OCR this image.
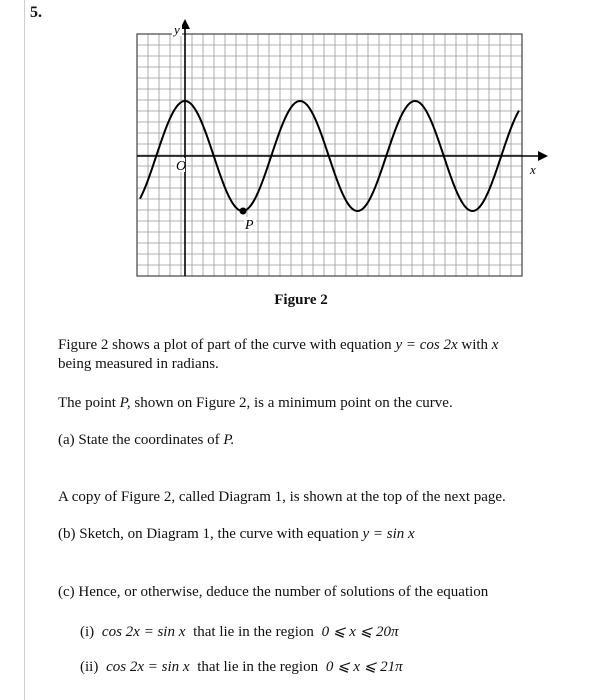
5.
y
x
O
P
Figure 2
Figure 2 shows a plot of part of the curve with equation y = cos 2x with x
being measured in radians.
The point P, shown on Figure 2, is a minimum point on the curve.
(a) State the coordinates of P.
A copy of Figure 2, called Diagram 1, is shown at the top of the next page.
(b) Sketch, on Diagram 1, the curve with equation y = sin x
(c) Hence, or otherwise, deduce the number of solutions of the equation
(i) cos 2x = sin x that lie in the region 0 ⩽ x ⩽ 20π
(ii) cos 2x = sin x that lie in the region 0 ⩽ x ⩽ 21π
